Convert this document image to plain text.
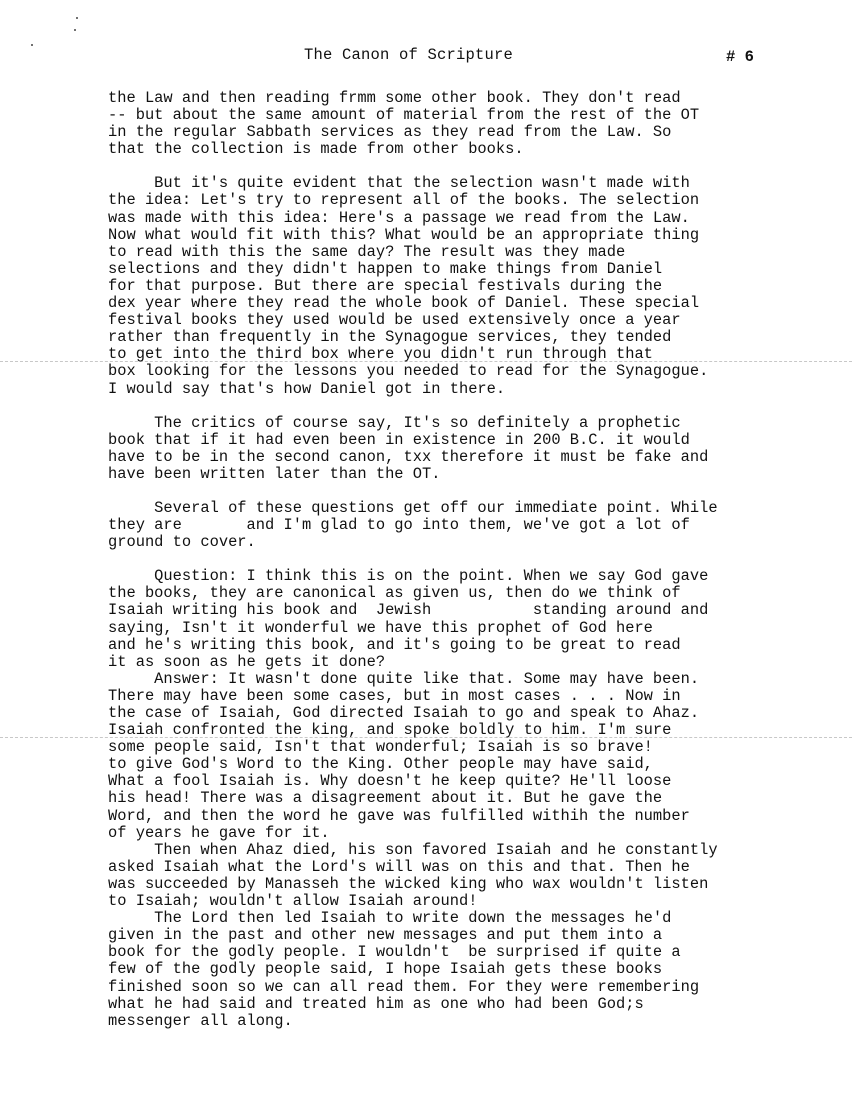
The Canon of Scripture	# 6
the Law and then reading frmm some other book. They don't read
-- but about the same amount of material from the rest of the OT
in the regular Sabbath services as they read from the Law. So
that the collection is made from other books.
But it's quite evident that the selection wasn't made with
the idea: Let's try to represent all of the books. The selection
was made with this idea: Here's a passage we read from the Law.
Now what would fit with this? What would be an appropriate thing
to read with this the same day? The result was they made
selections and they didn't happen to make things from Daniel
for that purpose. But there are special festivals during the
dex year where they read the whole book of Daniel. These special
festival books they used would be used extensively once a year
rather than frequently in the Synagogue services, they tended
to get into the third box where you didn't run through that
box looking for the lessons you needed to read for the Synagogue.
I would say that's how Daniel got in there.
The critics of course say, It's so definitely a prophetic
book that if it had even been in existence in 200 B.C. it would
have to be in the second canon, txx therefore it must be fake and
have been written later than the OT.
Several of these questions get off our immediate point. While
they are       and I'm glad to go into them, we've got a lot of
ground to cover.
Question: I think this is on the point. When we say God gave
the books, they are canonical as given us, then do we think of
Isaiah writing his book and  Jewish           standing around and
saying, Isn't it wonderful we have this prophet of God here
and he's writing this book, and it's going to be great to read
it as soon as he gets it done?
Answer: It wasn't done quite like that. Some may have been.
There may have been some cases, but in most cases . . . Now in
the case of Isaiah, God directed Isaiah to go and speak to Ahaz.
Isaiah confronted the king, and spoke boldly to him. I'm sure
some people said, Isn't that wonderful; Isaiah is so brave!
to give God's Word to the King. Other people may have said,
What a fool Isaiah is. Why doesn't he keep quite? He'll loose
his head! There was a disagreement about it. But he gave the
Word, and then the word he gave was fulfilled withih the number
of years he gave for it.
Then when Ahaz died, his son favored Isaiah and he constantly
asked Isaiah what the Lord's will was on this and that. Then he
was succeeded by Manasseh the wicked king who wax wouldn't listen
to Isaiah; wouldn't allow Isaiah around!
The Lord then led Isaiah to write down the messages he'd
given in the past and other new messages and put them into a
book for the godly people. I wouldn't  be surprised if quite a
few of the godly people said, I hope Isaiah gets these books
finished soon so we can all read them. For they were remembering
what he had said and treated him as one who had been God;s
messenger all along.
